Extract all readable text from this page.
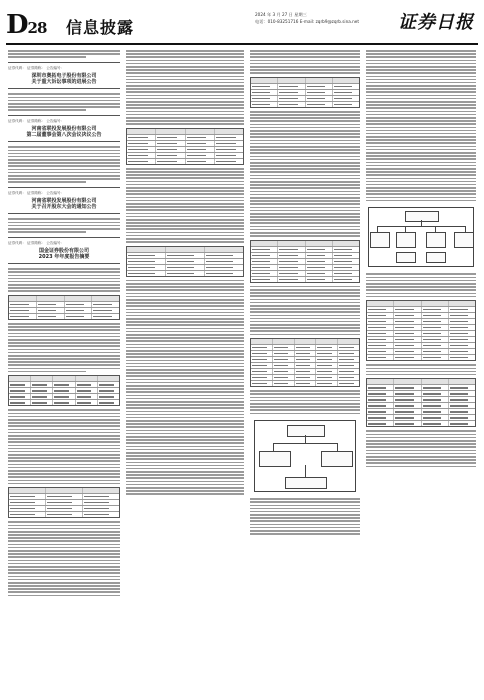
D28 信息披露
2024 年 3 月 27 日 星期三
电话：010-83251716 E-mail: zqrb9@zqrb.sina.net	证券日报
证券代码： 证券简称： 公告编号：
深圳市奥拓电子股份有限公司
关于重大诉讼事项的进展公告
证券代码： 证券简称： 公告编号：
河南省联投发展股份有限公司
第二届董事会第八次会议决议公告
证券代码： 证券简称： 公告编号：
河南省联投发展股份有限公司
关于召开股东大会的通知公告
证券代码： 证券简称： 公告编号：
国金证券股份有限公司
2023 年年度报告摘要
